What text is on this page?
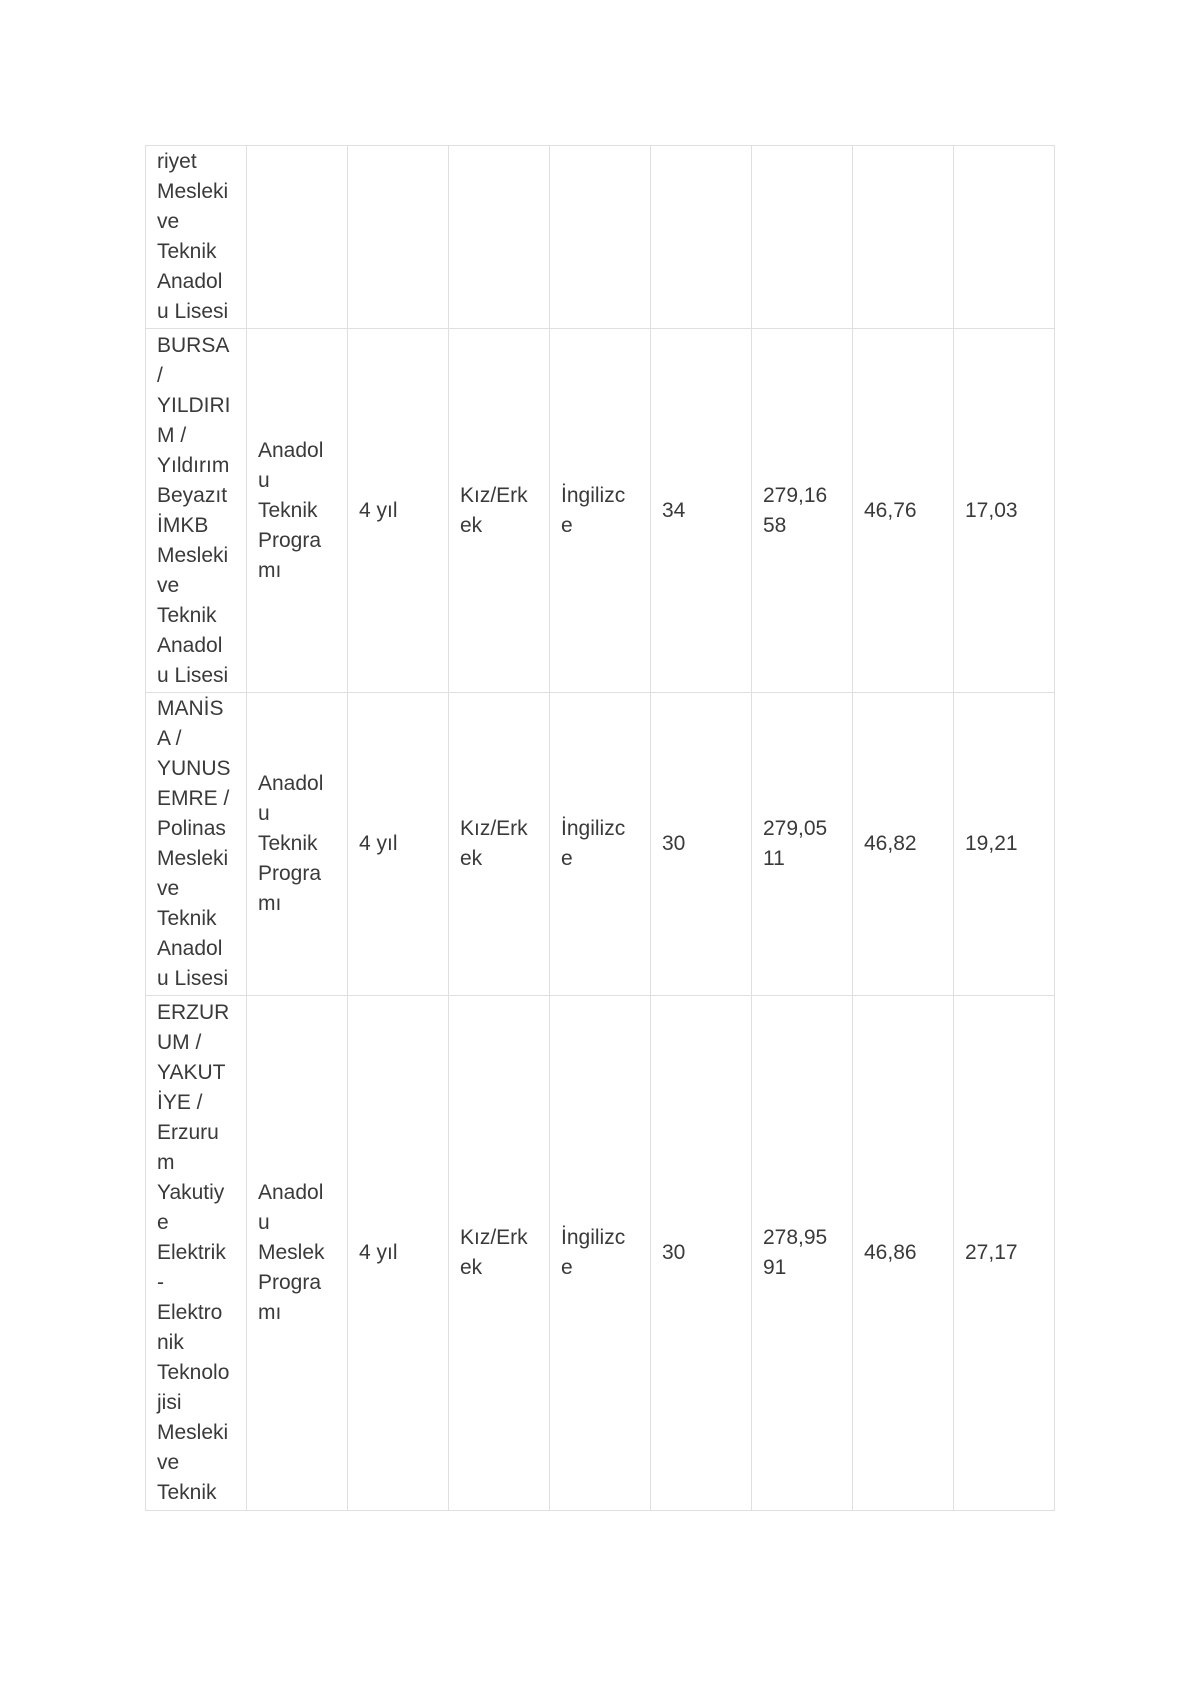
riyet Mesleki ve Teknik Anadolu Lisesi								

BURSA / YILDIRIM / Yıldırım Beyazıt İMKB Mesleki ve Teknik Anadolu Lisesi	Anadolu Teknik Programı	4 yıl	Kız/Erkek	İngilizce	34	279,1658	46,76	17,03

MANİSA / YUNUSEMRE / Polinas Mesleki ve Teknik Anadolu Lisesi	Anadolu Teknik Programı	4 yıl	Kız/Erkek	İngilizce	30	279,0511	46,82	19,21

ERZURUM / YAKUTİYE / Erzurum Yakutiye Elektrik-Elektronik Teknolojisi Mesleki ve Teknik	Anadolu Meslek Programı	4 yıl	Kız/Erkek	İngilizce	30	278,9591	46,86	27,17
